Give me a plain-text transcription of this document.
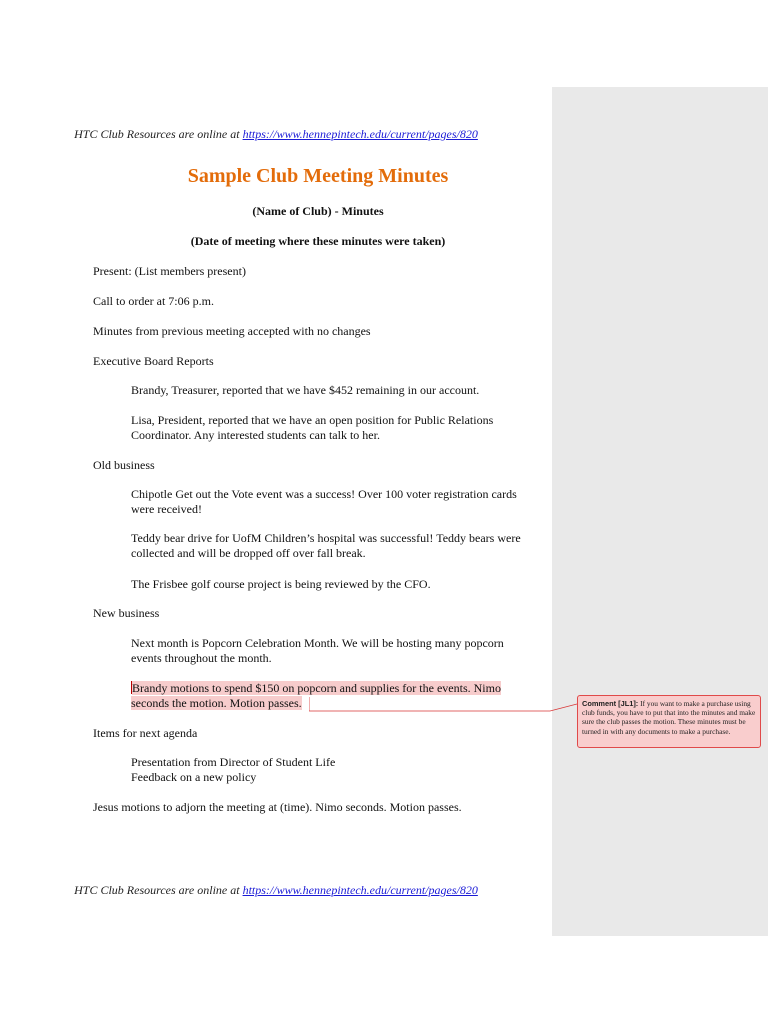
HTC Club Resources are online at https://www.hennepintech.edu/current/pages/820
Sample Club Meeting Minutes
(Name of Club) - Minutes
(Date of meeting where these minutes were taken)
Present: (List members present)
Call to order at 7:06 p.m.
Minutes from previous meeting accepted with no changes
Executive Board Reports
Brandy, Treasurer, reported that we have $452 remaining in our account.
Lisa, President, reported that we have an open position for Public Relations
Coordinator. Any interested students can talk to her.
Old business
Chipotle Get out the Vote event was a success! Over 100 voter registration cards
were received!
Teddy bear drive for UofM Children’s hospital was successful! Teddy bears were
collected and will be dropped off over fall break.
The Frisbee golf course project is being reviewed by the CFO.
New business
Next month is Popcorn Celebration Month. We will be hosting many popcorn
events throughout the month.
Brandy motions to spend $150 on popcorn and supplies for the events. Nimo
seconds the motion. Motion passes.	Comment [JL1]: If you want to make a purchase using club funds, you have to put that into the minutes and make sure the club passes the motion. These minutes must be turned in with any documents to make a purchase.
Items for next agenda
Presentation from Director of Student Life
Feedback on a new policy
Jesus motions to adjorn the meeting at (time). Nimo seconds. Motion passes.
HTC Club Resources are online at https://www.hennepintech.edu/current/pages/820
